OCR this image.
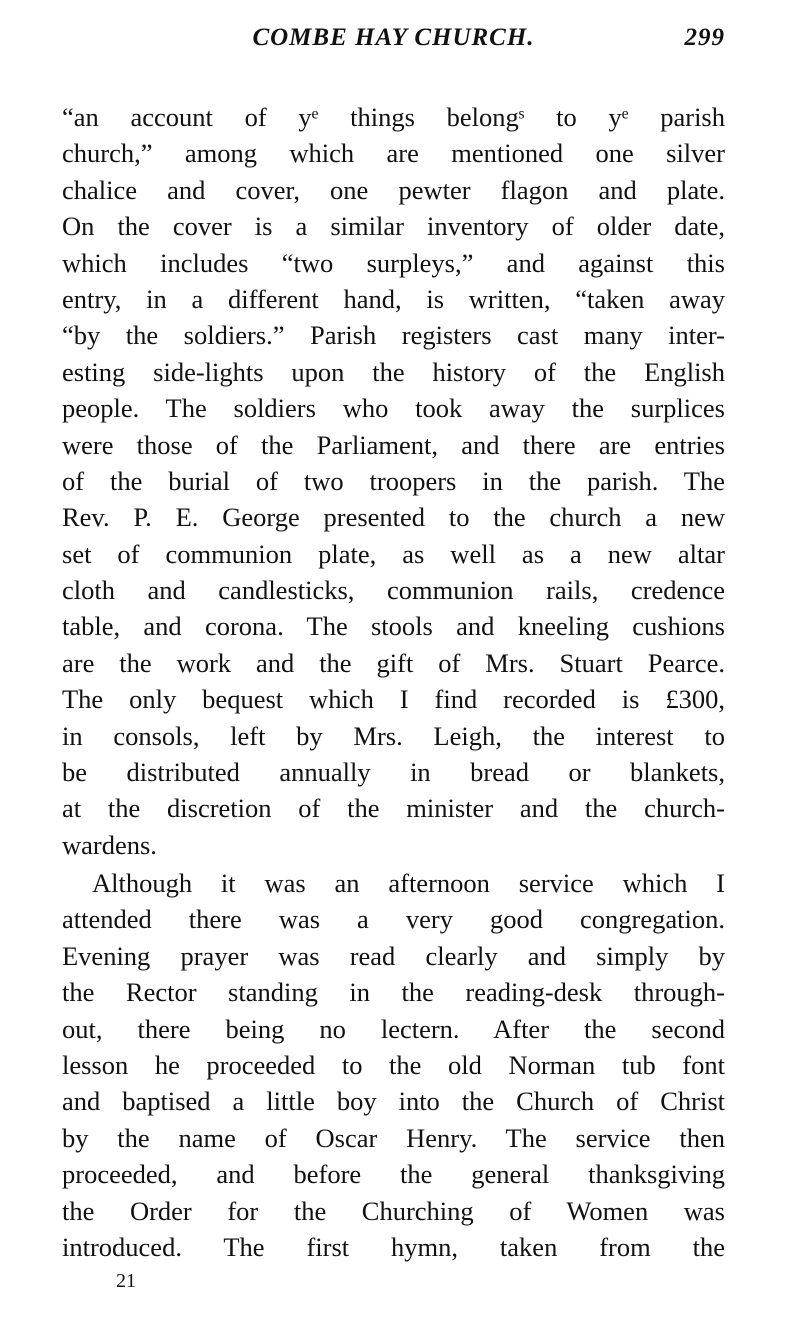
COMBE HAY CHURCH.	299
“an account of yᵉ things belongˢ to yᵉ parish
church,” among which are mentioned one silver
chalice and cover, one pewter flagon and plate.
On the cover is a similar inventory of older date,
which includes “two surpleys,” and against this
entry, in a different hand, is written, “taken away
“by the soldiers.” Parish registers cast many inter-
esting side-lights upon the history of the English
people. The soldiers who took away the surplices
were those of the Parliament, and there are entries
of the burial of two troopers in the parish. The
Rev. P. E. George presented to the church a new
set of communion plate, as well as a new altar
cloth and candlesticks, communion rails, credence
table, and corona. The stools and kneeling cushions
are the work and the gift of Mrs. Stuart Pearce.
The only bequest which I find recorded is £300,
in consols, left by Mrs. Leigh, the interest to
be distributed annually in bread or blankets,
at the discretion of the minister and the church-
wardens.
Although it was an afternoon service which I
attended there was a very good congregation.
Evening prayer was read clearly and simply by
the Rector standing in the reading-desk through-
out, there being no lectern. After the second
lesson he proceeded to the old Norman tub font
and baptised a little boy into the Church of Christ
by the name of Oscar Henry. The service then
proceeded, and before the general thanksgiving
the Order for the Churching of Women was
introduced. The first hymn, taken from the
21
